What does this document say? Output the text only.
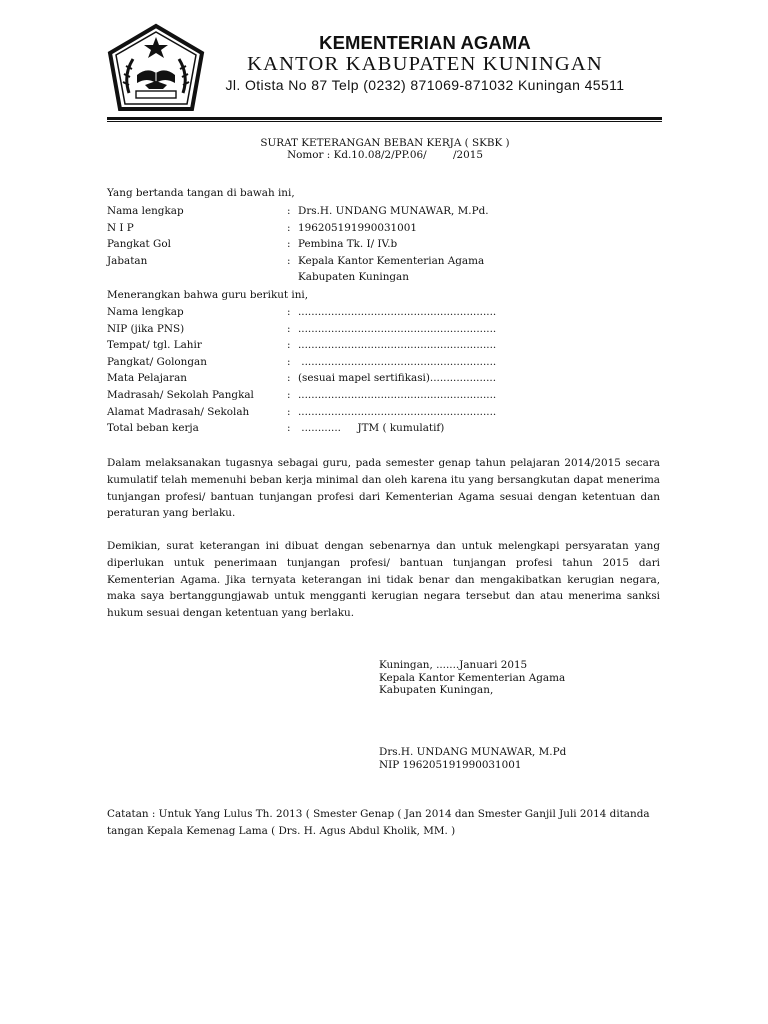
KEMENTERIAN AGAMA
KANTOR KABUPATEN KUNINGAN
Jl. Otista No 87 Telp (0232) 871069-871032 Kuningan 45511
SURAT KETERANGAN BEBAN KERJA ( SKBK )
Nomor : Kd.10.08/2/PP.06/        /2015
Yang bertanda tangan di bawah ini,
Nama lengkap	: Drs.H. UNDANG MUNAWAR, M.Pd.
N I P	: 196205191990031001
Pangkat Gol	: Pembina Tk. I/ IV.b
Jabatan	: Kepala Kantor Kementerian Agama
Kabupaten Kuningan
Menerangkan bahwa guru berikut ini,
Nama lengkap	: ............................................................
NIP (jika PNS)	: ............................................................
Tempat/ tgl. Lahir	: ............................................................
Pangkat/ Golongan	: ...........................................................
Mata Pelajaran	: (sesuai mapel sertifikasi)....................
Madrasah/ Sekolah Pangkal	: ............................................................
Alamat Madrasah/ Sekolah	: ............................................................
Total beban kerja	: ............     JTM ( kumulatif)

Dalam melaksanakan tugasnya sebagai guru, pada semester genap tahun pelajaran 2014/2015 secara kumulatif telah memenuhi beban kerja minimal dan oleh karena itu yang bersangkutan dapat menerima tunjangan profesi/ bantuan tunjangan profesi dari Kementerian Agama sesuai dengan ketentuan dan peraturan yang berlaku.

Demikian, surat keterangan ini dibuat dengan sebenarnya dan untuk melengkapi persyaratan yang diperlukan untuk penerimaan tunjangan profesi/ bantuan tunjangan profesi tahun 2015 dari Kementerian Agama. Jika ternyata keterangan ini tidak benar dan mengakibatkan kerugian negara, maka saya bertanggungjawab untuk mengganti kerugian negara tersebut dan atau menerima sanksi hukum sesuai dengan ketentuan yang berlaku.

Kuningan, .......Januari 2015
Kepala Kantor Kementerian Agama
Kabupaten Kuningan,
Drs.H. UNDANG MUNAWAR, M.Pd
NIP 196205191990031001
Catatan : Untuk Yang Lulus Th. 2013 ( Smester Genap ( Jan 2014 dan Smester Ganjil Juli 2014 ditanda
tangan Kepala Kemenag Lama ( Drs. H. Agus Abdul Kholik, MM. )
